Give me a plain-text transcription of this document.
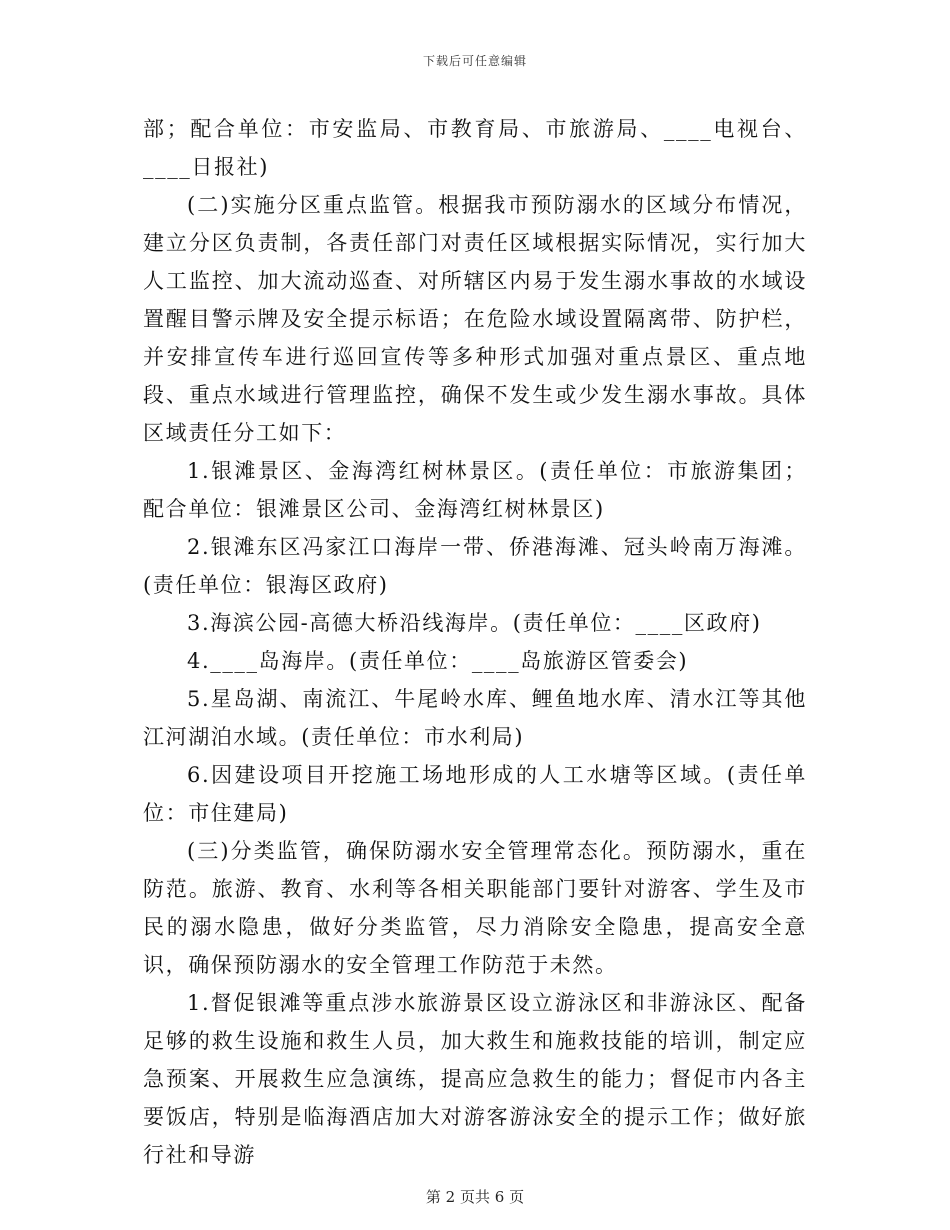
下载后可任意编辑

部；配合单位：市安监局、市教育局、市旅游局、____电视台、____日报社)

(二)实施分区重点监管。根据我市预防溺水的区域分布情况，建立分区负责制，各责任部门对责任区域根据实际情况，实行加大人工监控、加大流动巡查、对所辖区内易于发生溺水事故的水域设置醒目警示牌及安全提示标语；在危险水域设置隔离带、防护栏，并安排宣传车进行巡回宣传等多种形式加强对重点景区、重点地段、重点水域进行管理监控，确保不发生或少发生溺水事故。具体区域责任分工如下：

1.银滩景区、金海湾红树林景区。(责任单位：市旅游集团；配合单位：银滩景区公司、金海湾红树林景区)

2.银滩东区冯家江口海岸一带、侨港海滩、冠头岭南万海滩。(责任单位：银海区政府)

3.海滨公园-高德大桥沿线海岸。(责任单位：____区政府)

4.____岛海岸。(责任单位：____岛旅游区管委会)

5.星岛湖、南流江、牛尾岭水库、鲤鱼地水库、清水江等其他江河湖泊水域。(责任单位：市水利局)

6.因建设项目开挖施工场地形成的人工水塘等区域。(责任单位：市住建局)

(三)分类监管，确保防溺水安全管理常态化。预防溺水，重在防范。旅游、教育、水利等各相关职能部门要针对游客、学生及市民的溺水隐患，做好分类监管，尽力消除安全隐患，提高安全意识，确保预防溺水的安全管理工作防范于未然。

1.督促银滩等重点涉水旅游景区设立游泳区和非游泳区、配备足够的救生设施和救生人员，加大救生和施救技能的培训，制定应急预案、开展救生应急演练，提高应急救生的能力；督促市内各主要饭店，特别是临海酒店加大对游客游泳安全的提示工作；做好旅行社和导游

第 2 页共 6 页
